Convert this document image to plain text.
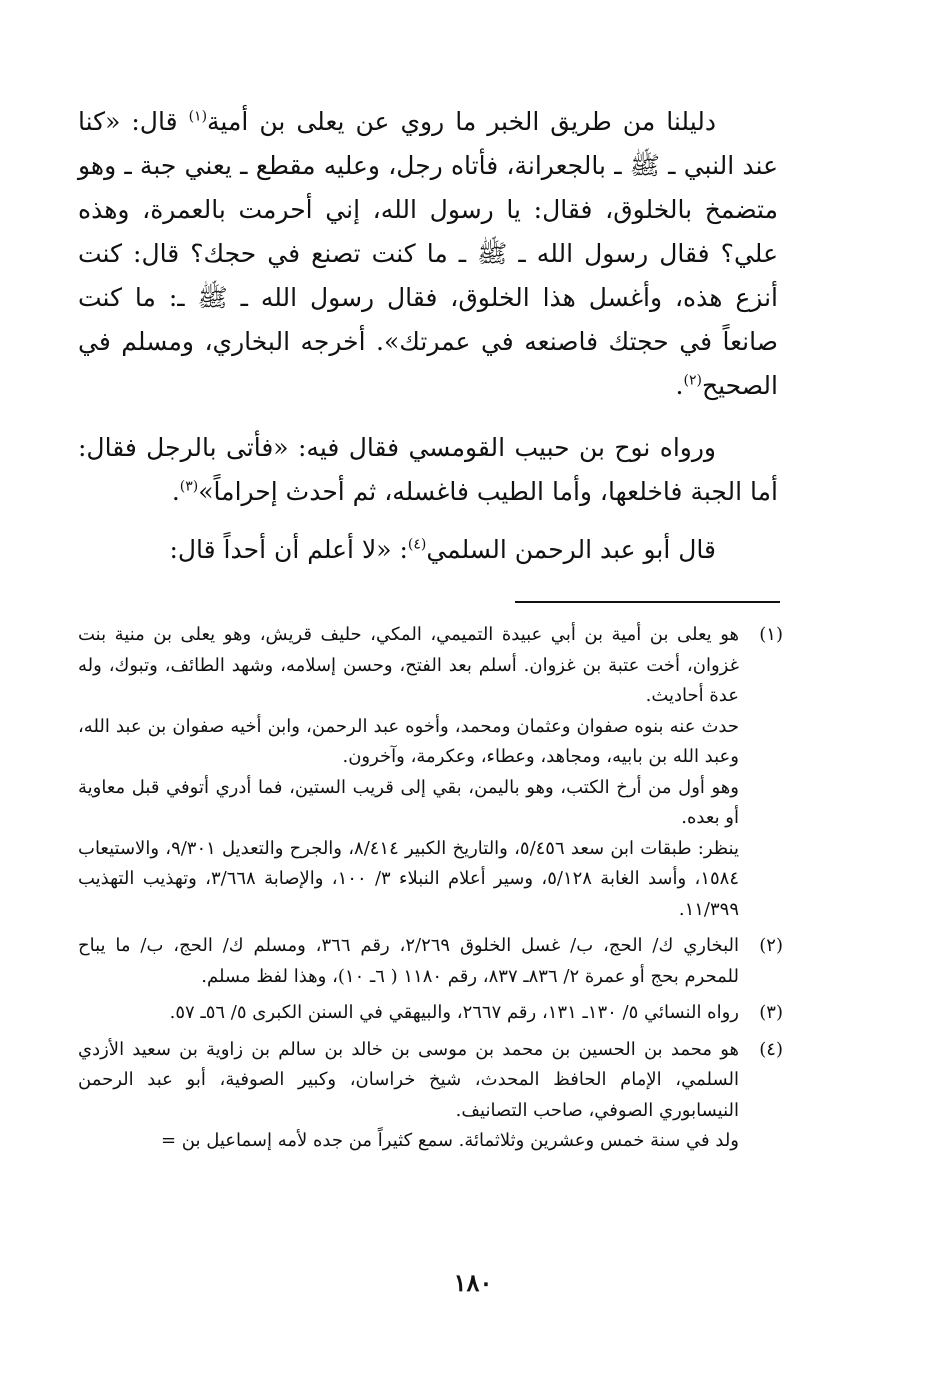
دليلنا من طريق الخبر ما روي عن يعلى بن أمية$^{(١)}$ قال: «كنا عند النبي ـ ﷺ ـ بالجعرانة، فأتاه رجل، وعليه مقطع ـ يعني جبة ـ وهو متضمخ بالخلوق، فقال: يا رسول الله، إني أحرمت بالعمرة، وهذه علي؟ فقال رسول الله ـ ﷺ ـ ما كنت تصنع في حجك؟ قال: كنت أنزع هذه، وأغسل هذا الخلوق، فقال رسول الله ـ ﷺ ـ: ما كنت صانعاً في حجتك فاصنعه في عمرتك». أخرجه البخاري، ومسلم في الصحيح$^{(٢)}$.

ورواه نوح بن حبيب القومسي فقال فيه: «فأتى بالرجل فقال: أما الجبة فاخلعها، وأما الطيب فاغسله، ثم أحدث إحراماً»$^{(٣)}$.

قال أبو عبد الرحمن السلمي$^{(٤)}$: «لا أعلم أن أحداً قال:

(١)
هو يعلى بن أمية بن أبي عبيدة التميمي، المكي، حليف قريش، وهو يعلى بن منية بنت غزوان، أخت عتبة بن غزوان. أسلم بعد الفتح، وحسن إسلامه، وشهد الطائف، وتبوك، وله عدة أحاديث.
حدث عنه بنوه صفوان وعثمان ومحمد، وأخوه عبد الرحمن، وابن أخيه صفوان بن عبد الله، وعبد الله بن بابيه، ومجاهد، وعطاء، وعكرمة، وآخرون.
وهو أول من أرخ الكتب، وهو باليمن، بقي إلى قريب الستين، فما أدري أتوفي قبل معاوية أو بعده.
ينظر: طبقات ابن سعد ٥/٤٥٦، والتاريخ الكبير ٨/٤١٤، والجرح والتعديل ٩/٣٠١، والاستيعاب ١٥٨٤، وأسد الغابة ٥/١٢٨، وسير أعلام النبلاء ٣/ ١٠٠، والإصابة ٣/٦٦٨، وتهذيب التهذيب ١١/٣٩٩.
(٢)
البخاري ك/ الحج، ب/ غسل الخلوق ٢/٢٦٩، رقم ٣٦٦، ومسلم ك/ الحج، ب/ ما يباح للمحرم بحج أو عمرة ٢/ ٨٣٦ـ ٨٣٧، رقم ١١٨٠ ( ٦ـ ١٠)، وهذا لفظ مسلم.
(٣)
رواه النسائي ٥/ ١٣٠ـ ١٣١، رقم ٢٦٦٧، والبيهقي في السنن الكبرى ٥/ ٥٦ـ ٥٧.
(٤)
هو محمد بن الحسين بن محمد بن موسى بن خالد بن سالم بن زاوية بن سعيد الأزدي السلمي، الإمام الحافظ المحدث، شيخ خراسان، وكبير الصوفية، أبو عبد الرحمن النيسابوري الصوفي، صاحب التصانيف.
ولد في سنة خمس وعشرين وثلاثمائة. سمع كثيراً من جده لأمه إسماعيل بن =
١٨٠
